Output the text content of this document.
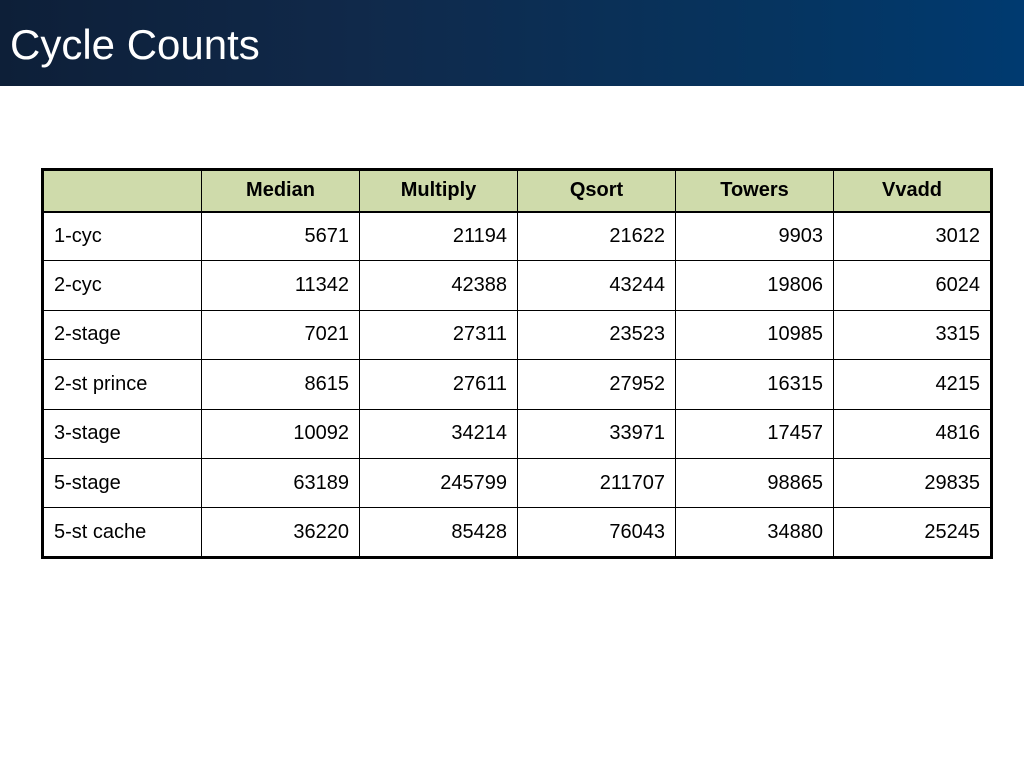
Cycle Counts
	Median	Multiply	Qsort	Towers	Vvadd
1-cyc	5671	21194	21622	9903	3012
2-cyc	11342	42388	43244	19806	6024
2-stage	7021	27311	23523	10985	3315
2-st prince	8615	27611	27952	16315	4215
3-stage	10092	34214	33971	17457	4816
5-stage	63189	245799	211707	98865	29835
5-st cache	36220	85428	76043	34880	25245
